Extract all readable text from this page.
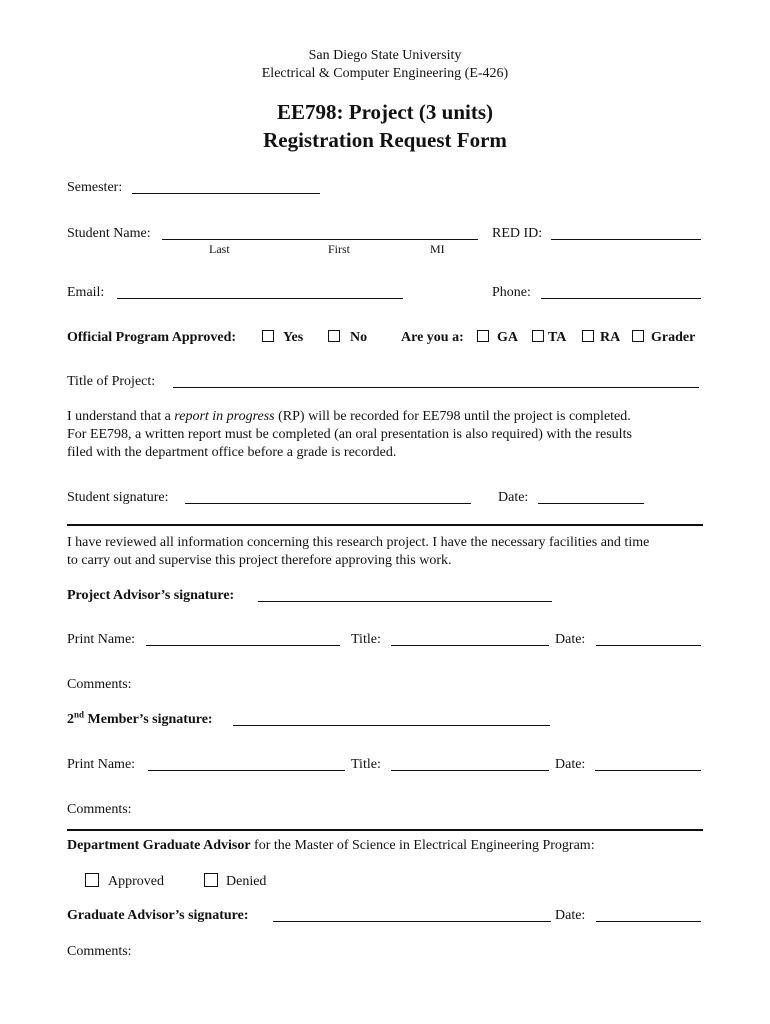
San Diego State University
Electrical & Computer Engineering (E-426)
EE798: Project (3 units)
Registration Request Form
Semester:
Student Name:
Last	First	MI
RED ID:
Email:	Phone:
Official Program Approved:	Yes	No Are you a: GA TA RA Grader
Title of Project:
I understand that a report in progress (RP) will be recorded for EE798 until the project is completed.
For EE798, a written report must be completed (an oral presentation is also required) with the results
filed with the department office before a grade is recorded.
Student signature:	Date:
I have reviewed all information concerning this research project. I have the necessary facilities and time
to carry out and supervise this project therefore approving this work.
Project Advisor’s signature:
Print Name:	Title:	Date:
Comments:
2nd Member’s signature:
Print Name:	Title:	Date:
Comments:
Department Graduate Advisor for the Master of Science in Electrical Engineering Program:
Approved	Denied
Graduate Advisor’s signature:	Date:
Comments:
